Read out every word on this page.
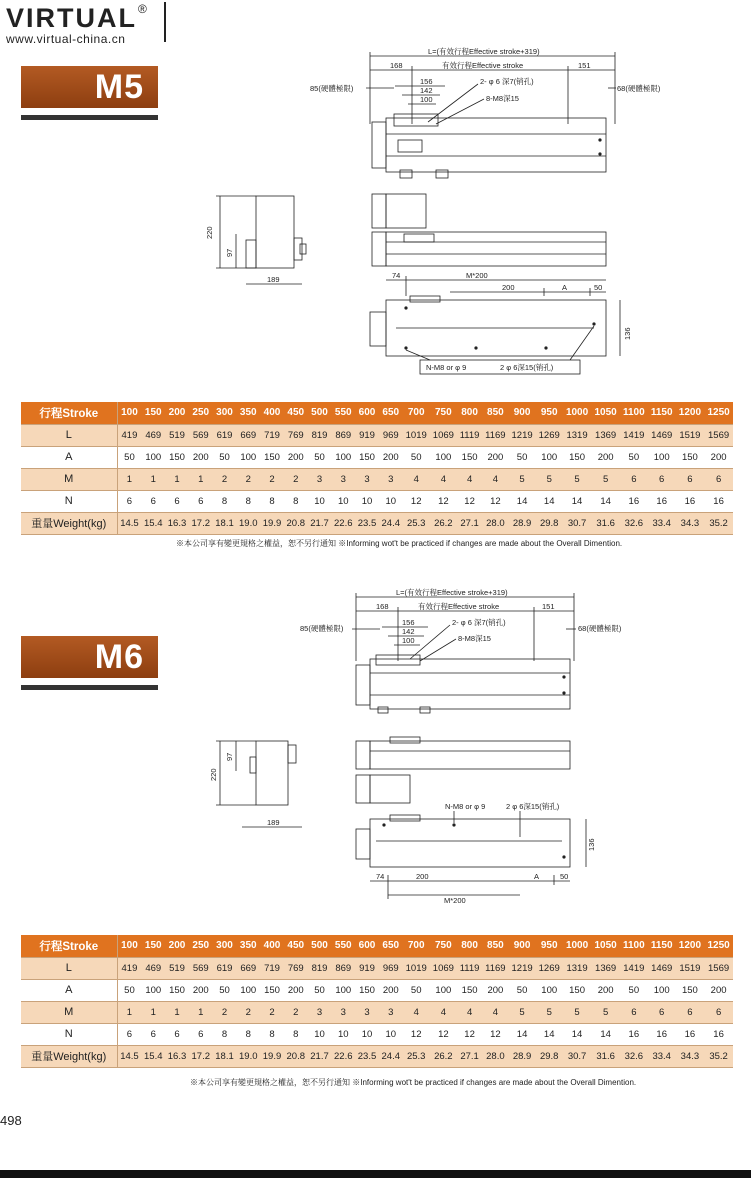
VIRTUAL ®
www.virtual-china.cn
M5
L=(有效行程Effective stroke+319)
168	有效行程Effective stroke	151
156
142
100
2- φ 6 深7(销孔)
8-M8深15
85(硬體極限)	68(硬體極限)
220
97
189	74	M*200
200	A	50
136
N-M8 or φ 9	2 φ 6深15(销孔)
行程Stroke	100	150	200	250	300	350	400	450	500	550	600	650	700	750	800	850	900	950	1000	1050	1100	1150	1200	1250
L	419	469	519	569	619	669	719	769	819	869	919	969	1019	1069	1119	1169	1219	1269	1319	1369	1419	1469	1519	1569
A	50	100	150	200	50	100	150	200	50	100	150	200	50	100	150	200	50	100	150	200	50	100	150	200
M	1	1	1	1	2	2	2	2	3	3	3	3	4	4	4	4	5	5	5	5	6	6	6	6
N	6	6	6	6	8	8	8	8	10	10	10	10	12	12	12	12	14	14	14	14	16	16	16	16
重量Weight(kg)	14.5	15.4	16.3	17.2	18.1	19.0	19.9	20.8	21.7	22.6	23.5	24.4	25.3	26.2	27.1	28.0	28.9	29.8	30.7	31.6	32.6	33.4	34.3	35.2
※本公司享有變更規格之權益，恕不另行通知 ※Informing wot't be practiced if changes are made about the Overall Dimention.
M6
L=(有效行程Effective stroke+319)
168	有效行程Effective stroke	151
156
142
100
2- φ 6 深7(销孔)
8-M8深15
85(硬體極限)	68(硬體極限)
220
97
189
N-M8 or φ 9	2 φ 6深15(销孔)
136
74	200	A	50
M*200
行程Stroke	100	150	200	250	300	350	400	450	500	550	600	650	700	750	800	850	900	950	1000	1050	1100	1150	1200	1250
L	419	469	519	569	619	669	719	769	819	869	919	969	1019	1069	1119	1169	1219	1269	1319	1369	1419	1469	1519	1569
A	50	100	150	200	50	100	150	200	50	100	150	200	50	100	150	200	50	100	150	200	50	100	150	200
M	1	1	1	1	2	2	2	2	3	3	3	3	4	4	4	4	5	5	5	5	6	6	6	6
N	6	6	6	6	8	8	8	8	10	10	10	10	12	12	12	12	14	14	14	14	16	16	16	16
重量Weight(kg)	14.5	15.4	16.3	17.2	18.1	19.0	19.9	20.8	21.7	22.6	23.5	24.4	25.3	26.2	27.1	28.0	28.9	29.8	30.7	31.6	32.6	33.4	34.3	35.2
※本公司享有變更規格之權益，恕不另行通知 ※Informing wot't be practiced if changes are made about the Overall Dimention.
498
